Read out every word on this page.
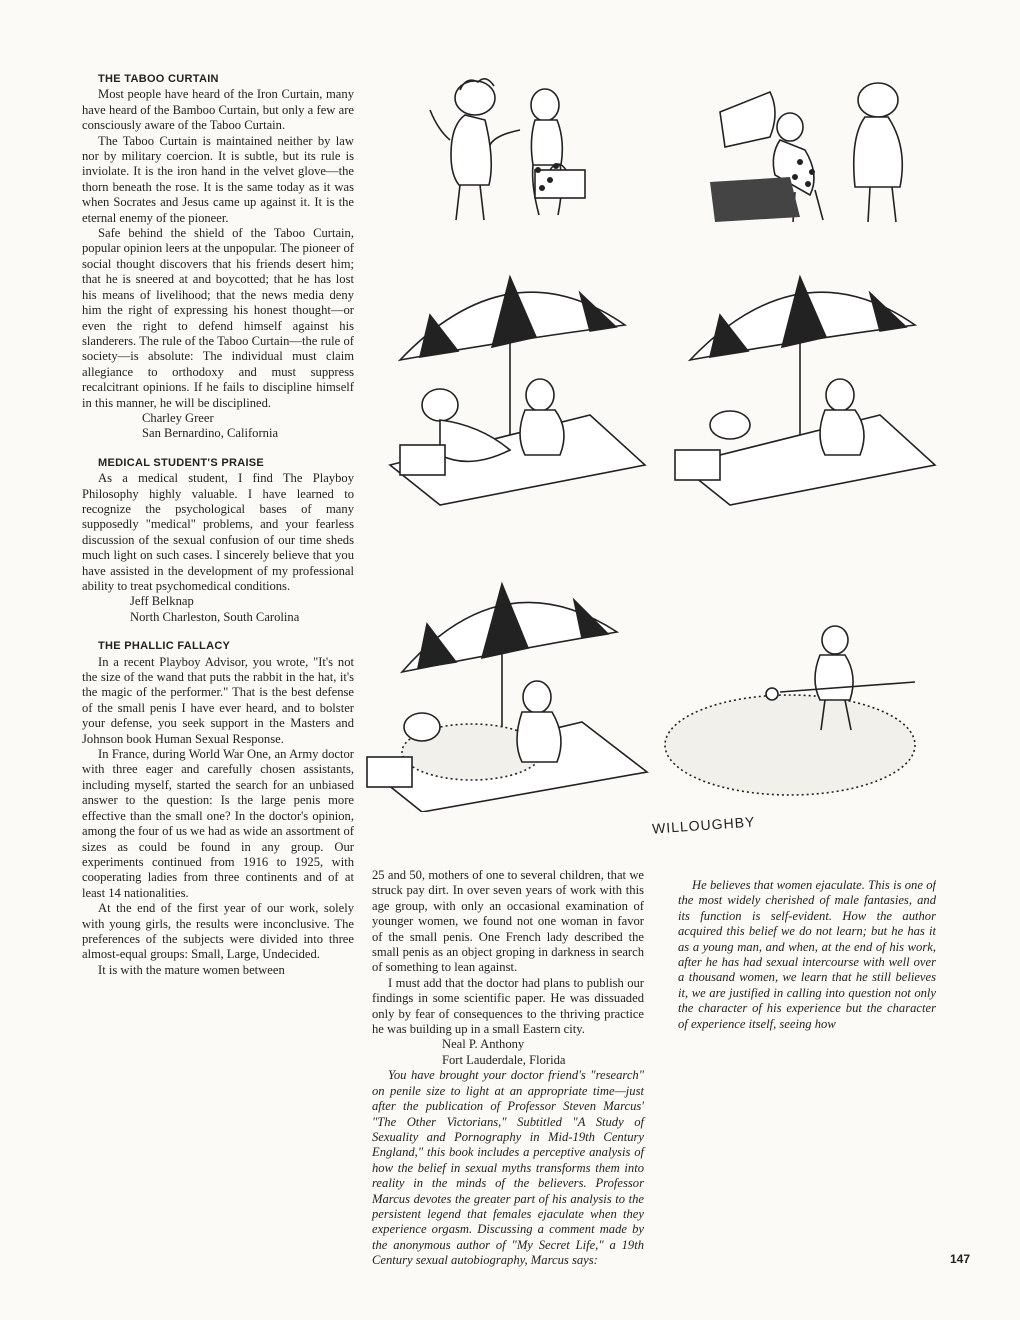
THE TABOO CURTAIN

Most people have heard of the Iron Curtain, many have heard of the Bamboo Curtain, but only a few are consciously aware of the Taboo Curtain.

The Taboo Curtain is maintained neither by law nor by military coercion. It is subtle, but its rule is inviolate. It is the iron hand in the velvet glove—the thorn beneath the rose. It is the same today as it was when Socrates and Jesus came up against it. It is the eternal enemy of the pioneer.

Safe behind the shield of the Taboo Curtain, popular opinion leers at the unpopular. The pioneer of social thought discovers that his friends desert him; that he is sneered at and boycotted; that he has lost his means of livelihood; that the news media deny him the right of expressing his honest thought—or even the right to defend himself against his slanderers. The rule of the Taboo Curtain—the rule of society—is absolute: The individual must claim allegiance to orthodoxy and must suppress recalcitrant opinions. If he fails to discipline himself in this manner, he will be disciplined.

Charley Greer

San Bernardino, California

MEDICAL STUDENT'S PRAISE

As a medical student, I find The Playboy Philosophy highly valuable. I have learned to recognize the psychological bases of many supposedly "medical" problems, and your fearless discussion of the sexual confusion of our time sheds much light on such cases. I sincerely believe that you have assisted in the development of my professional ability to treat psychomedical conditions.

Jeff Belknap

North Charleston, South Carolina

THE PHALLIC FALLACY

In a recent Playboy Advisor, you wrote, "It's not the size of the wand that puts the rabbit in the hat, it's the magic of the performer." That is the best defense of the small penis I have ever heard, and to bolster your defense, you seek support in the Masters and Johnson book Human Sexual Response.

In France, during World War One, an Army doctor with three eager and carefully chosen assistants, including myself, started the search for an unbiased answer to the question: Is the large penis more effective than the small one? In the doctor's opinion, among the four of us we had as wide an assortment of sizes as could be found in any group. Our experiments continued from 1916 to 1925, with cooperating ladies from three continents and of at least 14 nationalities.

At the end of the first year of our work, solely with young girls, the results were inconclusive. The preferences of the subjects were divided into three almost-equal groups: Small, Large, Undecided.

It is with the mature women between

25 and 50, mothers of one to several children, that we struck pay dirt. In over seven years of work with this age group, with only an occasional examination of younger women, we found not one woman in favor of the small penis. One French lady described the small penis as an object groping in darkness in search of something to lean against.

I must add that the doctor had plans to publish our findings in some scientific paper. He was dissuaded only by fear of consequences to the thriving practice he was building up in a small Eastern city.

Neal P. Anthony

Fort Lauderdale, Florida

You have brought your doctor friend's "research" on penile size to light at an appropriate time—just after the publication of Professor Steven Marcus' "The Other Victorians," Subtitled "A Study of Sexuality and Pornography in Mid-19th Century England," this book includes a perceptive analysis of how the belief in sexual myths transforms them into reality in the minds of the believers. Professor Marcus devotes the greater part of his analysis to the persistent legend that females ejaculate when they experience orgasm. Discussing a comment made by the anonymous author of "My Secret Life," a 19th Century sexual autobiography, Marcus says:

He believes that women ejaculate. This is one of the most widely cherished of male fantasies, and its function is self-evident. How the author acquired this belief we do not learn; but he has it as a young man, and when, at the end of his work, after he has had sexual intercourse with well over a thousand women, we learn that he still believes it, we are justified in calling into question not only the character of his experience but the character of experience itself, seeing how

147
WILLOUGHBY
